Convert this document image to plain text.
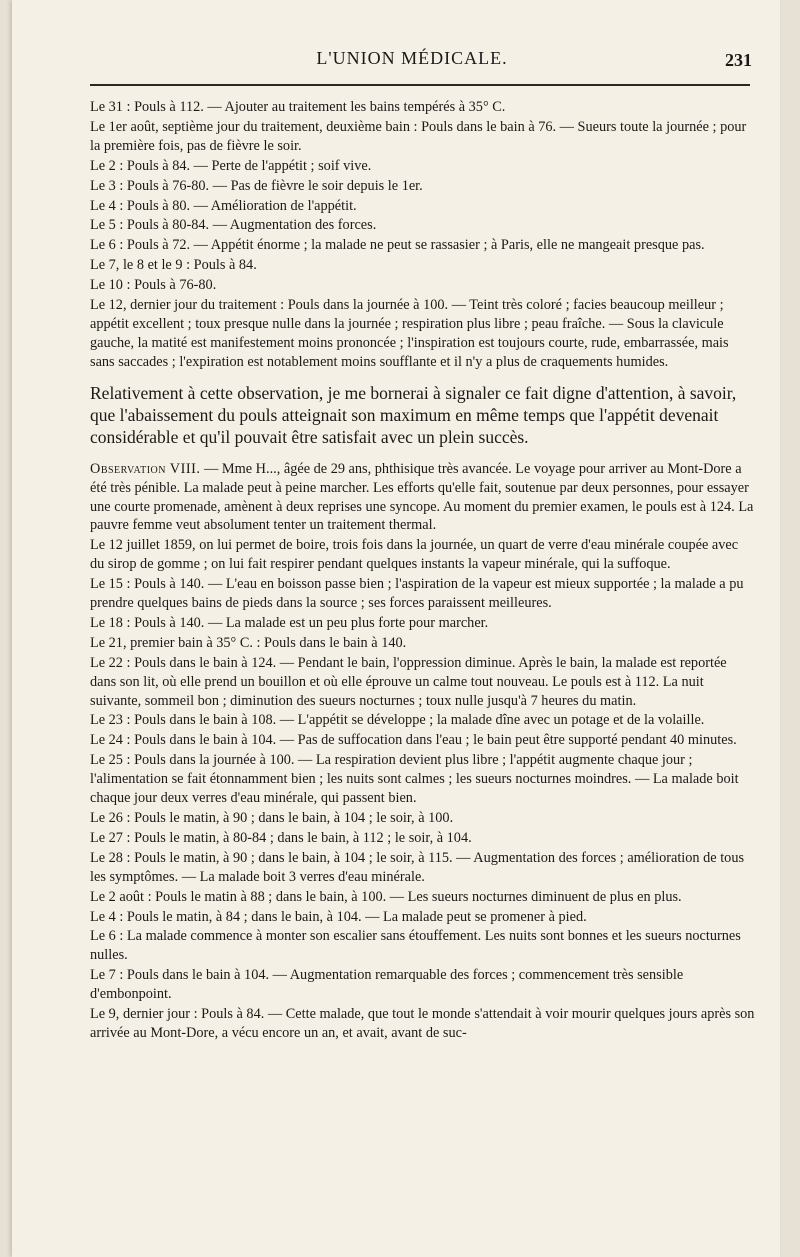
L'UNION MÉDICALE.	231

Le 31 : Pouls à 112. — Ajouter au traitement les bains tempérés à 35° C.

Le 1er août, septième jour du traitement, deuxième bain : Pouls dans le bain à 76. — Sueurs toute la journée ; pour la première fois, pas de fièvre le soir.

Le 2 : Pouls à 84. — Perte de l'appétit ; soif vive.

Le 3 : Pouls à 76-80. — Pas de fièvre le soir depuis le 1er.

Le 4 : Pouls à 80. — Amélioration de l'appétit.

Le 5 : Pouls à 80-84. — Augmentation des forces.

Le 6 : Pouls à 72. — Appétit énorme ; la malade ne peut se rassasier ; à Paris, elle ne mangeait presque pas.

Le 7, le 8 et le 9 : Pouls à 84.

Le 10 : Pouls à 76-80.

Le 12, dernier jour du traitement : Pouls dans la journée à 100. — Teint très coloré ; facies beaucoup meilleur ; appétit excellent ; toux presque nulle dans la journée ; respiration plus libre ; peau fraîche. — Sous la clavicule gauche, la matité est manifestement moins prononcée ; l'inspiration est toujours courte, rude, embarrassée, mais sans saccades ; l'expiration est notablement moins soufflante et il n'y a plus de craquements humides.

Relativement à cette observation, je me bornerai à signaler ce fait digne d'attention, à savoir, que l'abaissement du pouls atteignait son maximum en même temps que l'appétit devenait considérable et qu'il pouvait être satisfait avec un plein succès.

Observation VIII. — Mme H..., âgée de 29 ans, phthisique très avancée. Le voyage pour arriver au Mont-Dore a été très pénible. La malade peut à peine marcher. Les efforts qu'elle fait, soutenue par deux personnes, pour essayer une courte promenade, amènent à deux reprises une syncope. Au moment du premier examen, le pouls est à 124. La pauvre femme veut absolument tenter un traitement thermal.

Le 12 juillet 1859, on lui permet de boire, trois fois dans la journée, un quart de verre d'eau minérale coupée avec du sirop de gomme ; on lui fait respirer pendant quelques instants la vapeur minérale, qui la suffoque.

Le 15 : Pouls à 140. — L'eau en boisson passe bien ; l'aspiration de la vapeur est mieux supportée ; la malade a pu prendre quelques bains de pieds dans la source ; ses forces paraissent meilleures.

Le 18 : Pouls à 140. — La malade est un peu plus forte pour marcher.

Le 21, premier bain à 35° C. : Pouls dans le bain à 140.

Le 22 : Pouls dans le bain à 124. — Pendant le bain, l'oppression diminue. Après le bain, la malade est reportée dans son lit, où elle prend un bouillon et où elle éprouve un calme tout nouveau. Le pouls est à 112. La nuit suivante, sommeil bon ; diminution des sueurs nocturnes ; toux nulle jusqu'à 7 heures du matin.

Le 23 : Pouls dans le bain à 108. — L'appétit se développe ; la malade dîne avec un potage et de la volaille.

Le 24 : Pouls dans le bain à 104. — Pas de suffocation dans l'eau ; le bain peut être supporté pendant 40 minutes.

Le 25 : Pouls dans la journée à 100. — La respiration devient plus libre ; l'appétit augmente chaque jour ; l'alimentation se fait étonnamment bien ; les nuits sont calmes ; les sueurs nocturnes moindres. — La malade boit chaque jour deux verres d'eau minérale, qui passent bien.

Le 26 : Pouls le matin, à 90 ; dans le bain, à 104 ; le soir, à 100.

Le 27 : Pouls le matin, à 80-84 ; dans le bain, à 112 ; le soir, à 104.

Le 28 : Pouls le matin, à 90 ; dans le bain, à 104 ; le soir, à 115. — Augmentation des forces ; amélioration de tous les symptômes. — La malade boit 3 verres d'eau minérale.

Le 2 août : Pouls le matin à 88 ; dans le bain, à 100. — Les sueurs nocturnes diminuent de plus en plus.

Le 4 : Pouls le matin, à 84 ; dans le bain, à 104. — La malade peut se promener à pied.

Le 6 : La malade commence à monter son escalier sans étouffement. Les nuits sont bonnes et les sueurs nocturnes nulles.

Le 7 : Pouls dans le bain à 104. — Augmentation remarquable des forces ; commencement très sensible d'embonpoint.

Le 9, dernier jour : Pouls à 84. — Cette malade, que tout le monde s'attendait à voir mourir quelques jours après son arrivée au Mont-Dore, a vécu encore un an, et avait, avant de suc-
